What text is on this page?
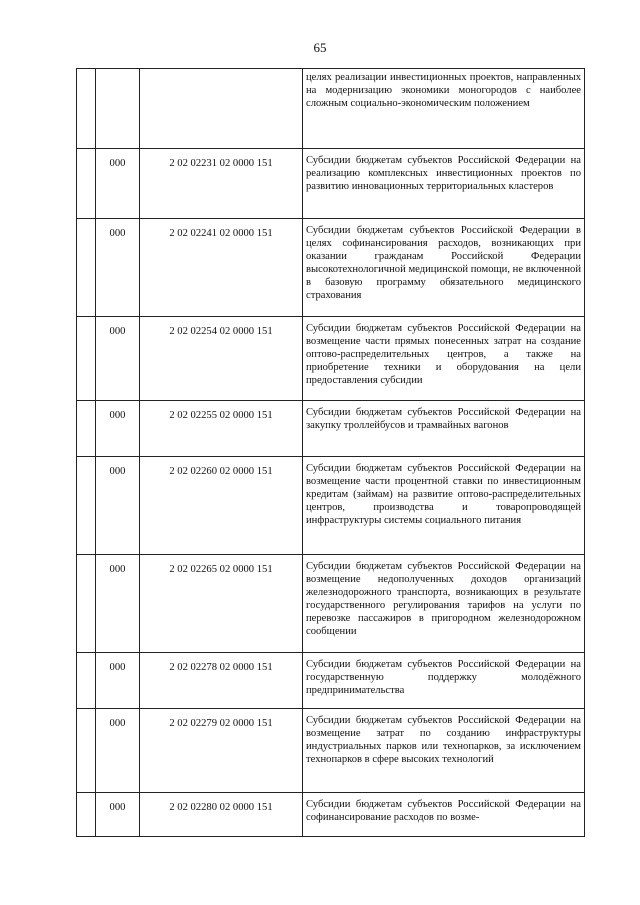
65
			целях реализации инвестиционных проектов, направленных на модернизацию экономики моногородов с наиболее сложным социально-экономическим положением
	000	2 02 02231 02 0000 151	Субсидии бюджетам субъектов Российской Федерации на реализацию комплексных инвестиционных проектов по развитию инновационных территориальных кластеров
	000	2 02 02241 02 0000 151	Субсидии бюджетам субъектов Российской Федерации в целях софинансирования расходов, возникающих при оказании гражданам Российской Федерации высокотехнологичной медицинской помощи, не включенной в базовую программу обязательного медицинского страхования
	000	2 02 02254 02 0000 151	Субсидии бюджетам субъектов Российской Федерации на возмещение части прямых понесенных затрат на создание оптово-распределительных центров, а также на приобретение техники и оборудования на цели предоставления субсидии
	000	2 02 02255 02 0000 151	Субсидии бюджетам субъектов Российской Федерации на закупку троллейбусов и трамвайных вагонов
	000	2 02 02260 02 0000 151	Субсидии бюджетам субъектов Российской Федерации на возмещение части процентной ставки по инвестиционным кредитам (займам) на развитие оптово-распределительных центров, производства и товаропроводящей инфраструктуры системы социального питания
	000	2 02 02265 02 0000 151	Субсидии бюджетам субъектов Российской Федерации на возмещение недополученных доходов организаций железнодорожного транспорта, возникающих в результате государственного регулирования тарифов на услуги по перевозке пассажиров в пригородном железнодорожном сообщении
	000	2 02 02278 02 0000 151	Субсидии бюджетам субъектов Российской Федерации на государственную поддержку молодёжного предпринимательства
	000	2 02 02279 02 0000 151	Субсидии бюджетам субъектов Российской Федерации на возмещение затрат по созданию инфраструктуры индустриальных парков или технопарков, за исключением технопарков в сфере высоких технологий
	000	2 02 02280 02 0000 151	Субсидии бюджетам субъектов Российской Федерации на софинансирование расходов по возме-
